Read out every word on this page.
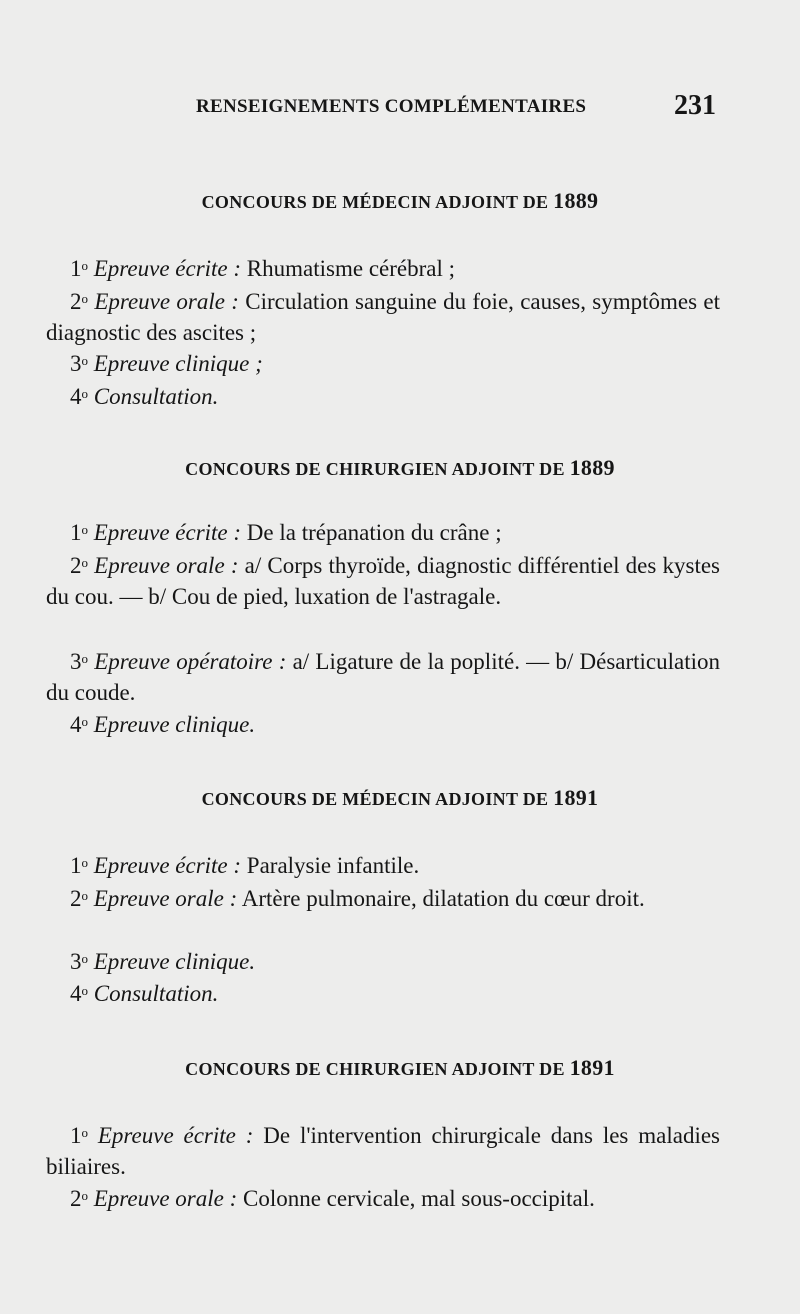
RENSEIGNEMENTS COMPLÉMENTAIRES	231
CONCOURS DE MÉDECIN ADJOINT DE 1889
1$^o$ Epreuve écrite : Rhumatisme cérébral ;
2$^o$ Epreuve orale : Circulation sanguine du foie, causes, symptômes et diagnostic des ascites ;
3$^o$ Epreuve clinique ;
4$^o$ Consultation.
CONCOURS DE CHIRURGIEN ADJOINT DE 1889
1$^o$ Epreuve écrite : De la trépanation du crâne ;
2$^o$ Epreuve orale : a/ Corps thyroïde, diagnostic différentiel des kystes du cou. — b/ Cou de pied, luxation de l'astragale.
3$^o$ Epreuve opératoire : a/ Ligature de la poplité. — b/ Désarticulation du coude.
4$^o$ Epreuve clinique.
CONCOURS DE MÉDECIN ADJOINT DE 1891
1$^o$ Epreuve écrite : Paralysie infantile.
2$^o$ Epreuve orale : Artère pulmonaire, dilatation du cœur droit.
3$^o$ Epreuve clinique.
4$^o$ Consultation.
CONCOURS DE CHIRURGIEN ADJOINT DE 1891
1$^o$ Epreuve écrite : De l'intervention chirurgicale dans les maladies biliaires.
2$^o$ Epreuve orale : Colonne cervicale, mal sous-occipital.
